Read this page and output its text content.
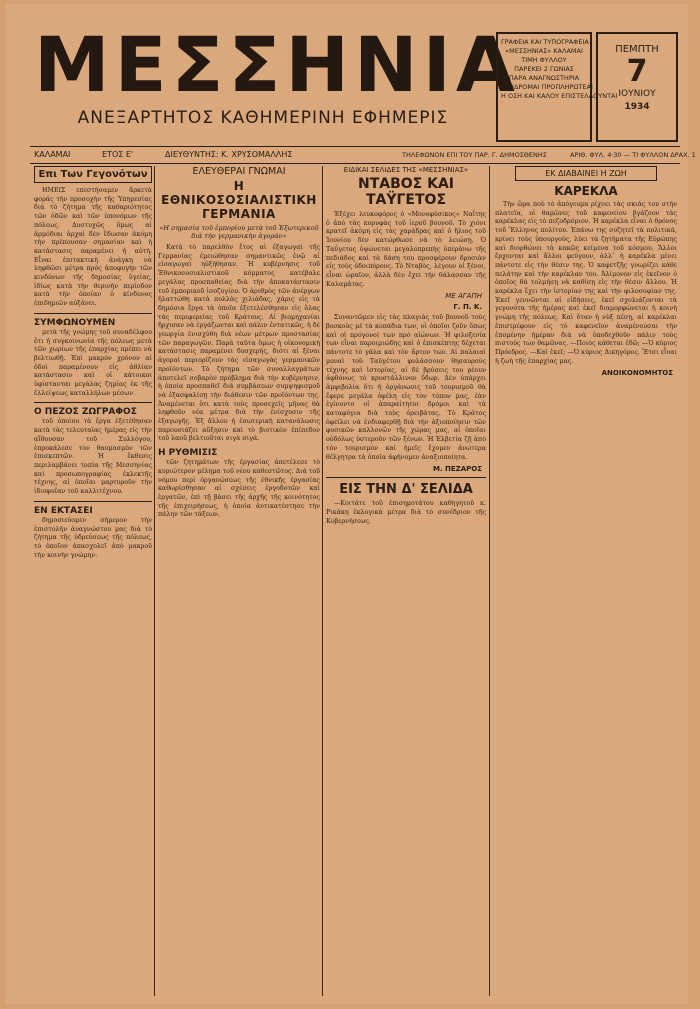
ΜΕΣΣΗΝΙΑ
ΑΝΕΞΑΡΤΗΤΟΣ ΚΑΘΗΜΕΡΙΝΗ ΕΦΗΜΕΡΙΣ
ΓΡΑΦΕΙΑ ΚΑΙ ΤΥΠΟΓΡΑΦΕΙΑ
«ΜΕΣΣΗΝΙΑΣ» ΚΑΛΑΜΑΙ
ΤΙΜΗ ΦΥΛΛΟΥ
ΠΑΡΕΚΕΙ 2 ΓΩΝΙΑΣ
ΠΑΡΑ ΑΝΑΓΝΩΣΤΗΡΙΑ
ΣΥΝΔΡΟΜΑΙ ΠΡΟΠΛΗΡΩΤΕΑΙ
Η ΟΣΗ ΚΑΙ ΚΑΛΟΥ ΕΠΙΣΤΕΛΛΟΥΝΤΑΙ
ΠΕΜΠΤΗ
7
ΙΟΥΝΙΟΥ
1934
ΚΑΛΑΜΑΙ	ΕΤΟΣ Ε'	ΔΙΕΥΘΥΝΤΗΣ: Κ. ΧΡΥΣΟΜΑΛΛΗΣ	ΤΗΛΕΦΩΝΟΝ ΕΠΙ ΤΟΥ ΠΑΡ. Γ. ΔΗΜΟΣΘΕΝΗΣ	ΑΡΙΘ. ΦΥΛ. 4·30 — ΤΙ ΦΥΛΛΟΝ ΔΡΑΧ. 1
Επι Των Γεγονότων

ΗΜΕΙΣ επεστήσαμεν ἄρκετὰ φοράς τὴν προσοχὴν τῆς Ὑπηρεσίας διὰ τὸ ζήτημα τῆς καθαριότητος τῶν ὁδῶν καὶ τῶν ὑπονόμων τῆς πόλεως. Δυστυχῶς ὅμως αἱ ἀρμόδιαι ἀρχαὶ δὲν ἔδωσαν ἀκόμη τὴν πρέπουσαν σημασίαν καὶ ἡ κατάστασις παραμένει ἡ αὐτή. Εἶναι ἐπιτακτικὴ ἀνάγκη νὰ ληφθῶσι μέτρα πρὸς ἀποφυγὴν τῶν κινδύνων τῆς δημοσίας ὑγείας, ἰδίως κατὰ τὴν θερινὴν περίοδον κατὰ τὴν ὁποίαν ὁ κίνδυνος ἐπιδημιῶν αὐξάνει.

ΣΥΜΦΩΝΟΥΜΕΝ

μετὰ τῆς γνώμης τοῦ συναδέλφου ὅτι ἡ συγκοινωνία τῆς πόλεως μετὰ τῶν χωρίων τῆς ἐπαρχίας πρέπει νὰ βελτιωθῇ. Ἐπὶ μακρὸν χρόνον αἱ ὁδοὶ παραμένουν εἰς ἀθλίαν κατάστασιν καὶ οἱ κάτοικοι ὑφίστανται μεγάλας ζημίας ἐκ τῆς ἐλλείψεως καταλλήλων μέσων.

Ο ΠΕΖΟΣ ΖΩΓΡΑΦΟΣ

τοῦ ὁποίου τὰ ἔργα ἐξετέθησαν κατὰ τὰς τελευταίας ἡμέρας εἰς τὴν αἴθουσαν τοῦ Συλλόγου, ἐπροκάλεσε τὸν θαυμασμὸν τῶν ἐπισκεπτῶν. Ἡ ἔκθεσις περιλαμβάνει τοπία τῆς Μεσσηνίας καὶ προσωπογραφίας ἐκλεκτῆς τέχνης, αἱ ὁποῖαι μαρτυροῦν τὴν ἰδιοφυΐαν τοῦ καλλιτέχνου.

ΕΝ ΕΚΤΑΣΕΙ

δημοσιεύομεν σήμερον τὴν ἐπιστολὴν ἀναγνώστου μας διὰ τὸ ζήτημα τῆς ὑδρεύσεως τῆς πόλεως, τὸ ὁποῖον ἀπασχολεῖ ἀπὸ μακροῦ τὴν κοινὴν γνώμην.

ΕΛΕΥΘΕΡΑΙ ΓΝΩΜΑΙ
Η ΕΘΝΙΚΟΣΟΣΙΑΛΙΣΤΙΚΗ ΓΕΡΜΑΝΙΑ
«Η σημασία τοῦ ἐμπορίου μετὰ τοῦ Ἐξωτερικοῦ διὰ τὴν γερμανικὴν ἀγοράν»

Κατὰ τὸ παρελθὸν ἔτος αἱ ἐξαγωγαὶ τῆς Γερμανίας ἐμειώθησαν σημαντικῶς ἐνῷ αἱ εἰσαγωγαὶ ηὐξήθησαν. Ἡ κυβέρνησις τοῦ Ἐθνικοσοσιαλιστικοῦ κόμματος κατέβαλε μεγάλας προσπαθείας διὰ τὴν ἀποκατάστασιν τοῦ ἐμπορικοῦ ἰσοζυγίου. Ὁ ἀριθμὸς τῶν ἀνέργων ἠλαττώθη κατὰ πολλὰς χιλιάδας, χάρις εἰς τὰ δημόσια ἔργα τὰ ὁποῖα ἐξετελέσθησαν εἰς ὅλας τὰς περιφερείας τοῦ Κράτους. Αἱ βιομηχανίαι ἤρχισαν νὰ ἐργάζωνται καὶ πάλιν ἐντατικῶς, ἡ δὲ γεωργία ἐνισχύθη διὰ νέων μέτρων προστασίας τῶν παραγωγῶν. Παρὰ ταῦτα ὅμως ἡ οἰκονομικὴ κατάστασις παραμένει δυσχερής, διότι αἱ ξέναι ἀγοραὶ περιορίζουν τὰς εἰσαγωγὰς γερμανικῶν προϊόντων. Τὸ ζήτημα τῶν συναλλαγμάτων ἀποτελεῖ σοβαρὸν πρόβλημα διὰ τὴν κυβέρνησιν, ἡ ὁποία προσπαθεῖ διὰ συμβάσεων συμψηφισμοῦ νὰ ἐξασφαλίσῃ τὴν διάθεσιν τῶν προϊόντων της. Ἀναμένεται ὅτι κατὰ τοὺς προσεχεῖς μῆνας θὰ ληφθοῦν νέα μέτρα διὰ τὴν ἐνίσχυσιν τῆς ἐξαγωγῆς. Ἐξ ἄλλου ἡ ἐσωτερικὴ κατανάλωσις παρουσιάζει αὔξησιν καὶ τὸ βιοτικὸν ἐπίπεδον τοῦ λαοῦ βελτιοῦται σιγὰ σιγά.

Η ΡΥΘΜΙΣΙΣ

τῶν ζητημάτων τῆς ἐργασίας ἀπετέλεσε τὸ κυριώτερον μέλημα τοῦ νέου καθεστῶτος. Διὰ τοῦ νόμου περὶ ὀργανώσεως τῆς ἐθνικῆς ἐργασίας καθωρίσθησαν αἱ σχέσεις ἐργοδοτῶν καὶ ἐργατῶν, ἐπὶ τῇ βάσει τῆς ἀρχῆς τῆς κοινότητος τῆς ἐπιχειρήσεως, ἡ ὁποία ἀντικατέστησε τὴν πάλην τῶν τάξεων.

ΕΙΔΙΚΑΙ ΣΕΛΙΔΕΣ ΤΗΣ «ΜΕΣΣΗΝΙΑΣ»
ΝΤΑΒΟΣ ΚΑΙ ΤΑΫΓΕΤΟΣ

Ἐξέχει λευκοφόρος ὁ «Μονοφύσικος» Ναΐτης ὁ ἀπὸ τὰς κορυφὰς τοῦ ἱεροῦ βουνοῦ. Τὸ χιόνι κρατεῖ ἀκόμη εἰς τὰς χαράδρας καὶ ὁ ἥλιος τοῦ Ἰουνίου δὲν κατώρθωσε νὰ τὸ λειώσῃ. Ὁ Ταΰγετος ὑψώνεται μεγαλοπρεπὴς ὑπεράνω τῆς πεδιάδος καὶ τὰ δάση του προσφέρουν δροσιὰν εἰς τοὺς ὁδοιπόρους. Τὸ Νταβὸς, λέγουν οἱ ξένοι, εἶναι ὡραῖον, ἀλλὰ δὲν ἔχει τὴν θάλασσαν τῆς Καλαμάτας.

ΜΕ ΑΓΑΠΗ
Γ. Π. Κ.

Συναντῶμεν εἰς τὰς πλαγιὰς τοῦ βουνοῦ τοὺς βοσκοὺς μὲ τὰ κοπάδια των, οἱ ὁποῖοι ζοῦν ὅπως καὶ οἱ πρόγονοί των πρὸ αἰώνων. Ἡ φιλοξενία των εἶναι παροιμιώδης καὶ ὁ ἐπισκέπτης δέχεται πάντοτε τὸ γάλα καὶ τὸν ἄρτον των. Αἱ παλαιαὶ μοναὶ τοῦ Ταϋγέτου φυλάσσουν θησαυροὺς τέχνης καὶ ἱστορίας, αἱ δὲ βρύσεις του ρέουν ἀφθόνως τὸ κρυστάλλινον ὕδωρ. Δὲν ὑπάρχει ἀμφιβολία ὅτι ἡ ὀργάνωσις τοῦ τουρισμοῦ θὰ ἔφερε μεγάλα ὀφέλη εἰς τὸν τόπον μας, ἐὰν ἐγίνοντο οἱ ἀπαραίτητοι δρόμοι καὶ τὰ καταφύγια διὰ τοὺς ὁρειβάτας. Τὸ Κράτος ὀφείλει νὰ ἐνδιαφερθῇ διὰ τὴν ἀξιοποίησιν τῶν φυσικῶν καλλονῶν τῆς χώρας μας, αἱ ὁποῖαι οὐδόλως ὑστεροῦν τῶν ξένων. Ἡ Ἑλβετία ζῇ ἀπὸ τὸν τουρισμὸν καὶ ἡμεῖς ἔχομεν ἀνώτερα θέλγητρα τὰ ὁποῖα ἀφήνομεν ἀναξιοποίητα.

Μ. ΠΕΖΑΡΟΣ
ΕΙΣ ΤΗΝ Δ' ΣΕΛΙΔΑ

—Κοιτάτε τοῦ ἐπισημοτάτου καθηγητοῦ κ. Ρικάκη ἐκλογικὰ μέτρα διὰ τὸ συνέδριον τῆς Κυβερνήσεως.

ΕΚ ΔΙΑΒΑΙΝΕΙ Η ΖΩΗ
ΚΑΡΕΚΛΑ

Τὴν ὥρα ποὺ τὸ ἀπόγευμα ρίχνει τὰς σκιάς του στὴν πλατεῖα, οἱ θαμῶνες τοῦ καφενείου βγάζουν τὰς καρέκλας εἰς τὸ πεζοδρόμιον. Ἡ καρέκλα εἶναι ὁ θρόνος τοῦ Ἕλληνος πολίτου. Ἐπάνω της συζητεῖ τὰ πολιτικά, κρίνει τοὺς ὑπουργούς, λύει τὰ ζητήματα τῆς Εὐρώπης καὶ διορθώνει τὰ κακῶς κείμενα τοῦ κόσμου. Ἄλλοι ἔρχονται καὶ ἄλλοι φεύγουν, ἀλλ᾽ ἡ καρέκλα μένει πάντοτε εἰς τὴν θέσιν της. Ὁ καφετζῆς γνωρίζει κάθε πελάτην καὶ τὴν καρέκλαν του. Ἀλίμονον εἰς ἐκεῖνον ὁ ὁποῖος θὰ τολμήσῃ νὰ καθίσῃ εἰς τὴν θέσιν ἄλλου. Ἡ καρέκλα ἔχει τὴν ἱστορίαν της καὶ τὴν φιλοσοφίαν της. Ἐκεῖ γεννῶνται αἱ εἰδήσεις, ἐκεῖ σχολιάζονται τὰ γεγονότα τῆς ἡμέρας καὶ ἐκεῖ διαμορφώνεται ἡ κοινὴ γνώμη τῆς πόλεως. Καὶ ὅταν ἡ νὺξ πέσῃ, αἱ καρέκλαι ἐπιστρέφουν εἰς τὸ καφενεῖον ἀναμένουσαι τὴν ἐπομένην ἡμέραν διὰ νὰ ὑποδεχθοῦν πάλιν τοὺς πιστούς των θαμῶνας. —Ποιὸς κάθεται ἐδῶ; —Ὁ κύριος Πρόεδρος. —Καὶ ἐκεῖ; —Ὁ κύριος Δικηγόρος. Ἔτσι εἶναι ἡ ζωὴ τῆς ἐπαρχίας μας.

ΑΝΟΙΚΟΝΟΜΗΤΟΣ
